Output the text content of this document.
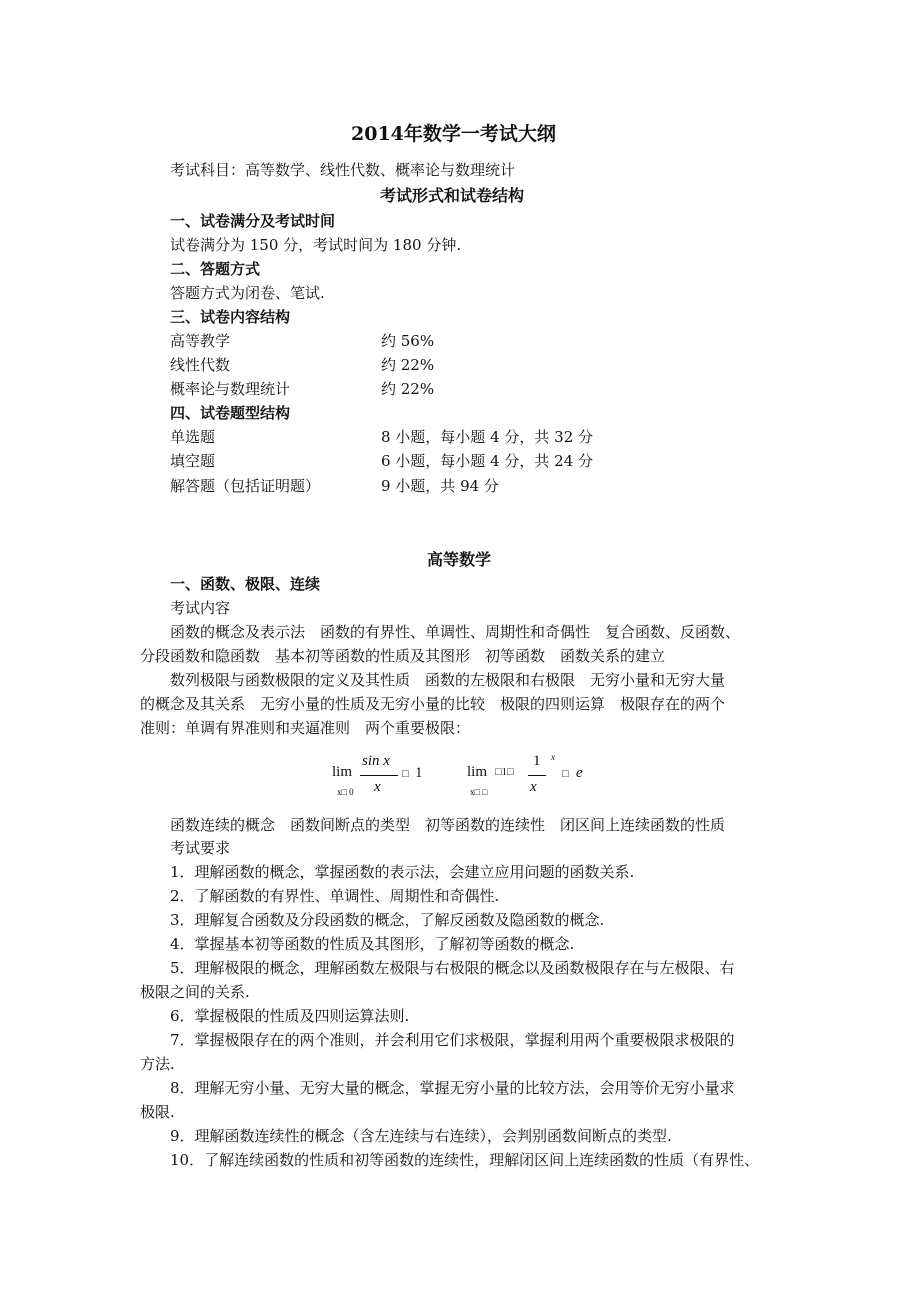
2014年数学一考试大纲
考试科目：高等数学、线性代数、概率论与数理统计
考试形式和试卷结构
一、试卷满分及考试时间
试卷满分为 150 分，考试时间为 180 分钟.
二、答题方式
答题方式为闭卷、笔试.
三、试卷内容结构
高等教学	约 56%
线性代数	约 22%
概率论与数理统计	约 22%
四、试卷题型结构
单选题	8 小题，每小题 4 分，共 32 分
填空题	6 小题，每小题 4 分，共 24 分
解答题（包括证明题）	9 小题，共 94 分
高等数学
一、函数、极限、连续
考试内容
函数的概念及表示法　函数的有界性、单调性、周期性和奇偶性　复合函数、反函数、
分段函数和隐函数　基本初等函数的性质及其图形　初等函数　函数关系的建立
数列极限与函数极限的定义及其性质　函数的左极限和右极限　无穷小量和无穷大量
的概念及其关系　无穷小量的性质及无穷小量的比较　极限的四则运算　极限存在的两个
准则：单调有界准则和夹逼准则　两个重要极限：
lim
x□ 0
sin x
x
□ 1	lim
x□ □
□1□
1
x
x
□ e
函数连续的概念　函数间断点的类型　初等函数的连续性　闭区间上连续函数的性质
考试要求
1．理解函数的概念，掌握函数的表示法，会建立应用问题的函数关系.
2．了解函数的有界性、单调性、周期性和奇偶性.
3．理解复合函数及分段函数的概念，了解反函数及隐函数的概念.
4．掌握基本初等函数的性质及其图形，了解初等函数的概念.
5．理解极限的概念，理解函数左极限与右极限的概念以及函数极限存在与左极限、右
极限之间的关系.
6．掌握极限的性质及四则运算法则.
7．掌握极限存在的两个准则，并会利用它们求极限，掌握利用两个重要极限求极限的
方法.
8．理解无穷小量、无穷大量的概念，掌握无穷小量的比较方法，会用等价无穷小量求
极限.
9．理解函数连续性的概念（含左连续与右连续），会判别函数间断点的类型.
10．了解连续函数的性质和初等函数的连续性，理解闭区间上连续函数的性质（有界性、
